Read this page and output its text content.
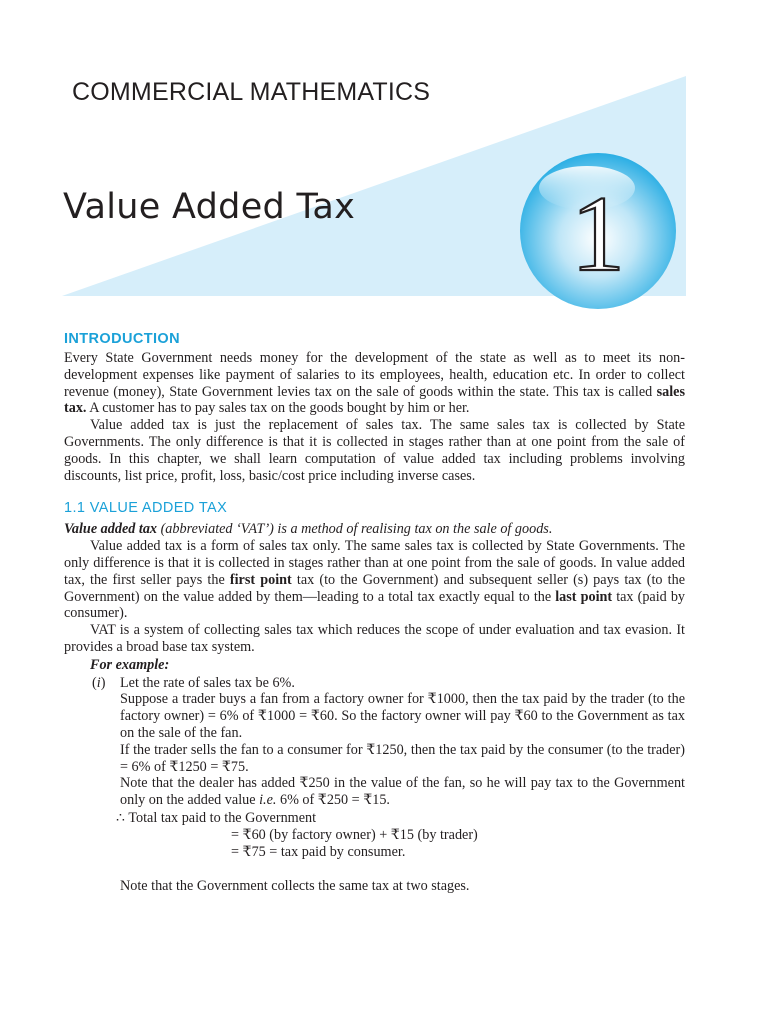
COMMERCIAL MATHEMATICS
Value Added Tax 1
INTRODUCTION

Every State Government needs money for the development of the state as well as to meet its non-development expenses like payment of salaries to its employees, health, education etc. In order to collect revenue (money), State Government levies tax on the sale of goods within the state. This tax is called sales tax. A customer has to pay sales tax on the goods bought by him or her.

Value added tax is just the replacement of sales tax. The same sales tax is collected by State Governments. The only difference is that it is collected in stages rather than at one point from the sale of goods. In this chapter, we shall learn computation of value added tax including problems involving discounts, list price, profit, loss, basic/cost price including inverse cases.

1.1 VALUE ADDED TAX

Value added tax (abbreviated ‘VAT’) is a method of realising tax on the sale of goods.

Value added tax is a form of sales tax only. The same sales tax is collected by State Governments. The only difference is that it is collected in stages rather than at one point from the sale of goods. In value added tax, the first seller pays the first point tax (to the Government) and subsequent seller (s) pays tax (to the Government) on the value added by them—leading to a total tax exactly equal to the last point tax (paid by consumer).

VAT is a system of collecting sales tax which reduces the scope of under evaluation and tax evasion. It provides a broad base tax system.

For example:
(i) Let the rate of sales tax be 6%.

Suppose a trader buys a fan from a factory owner for ₹1000, then the tax paid by the trader (to the factory owner) = 6% of ₹1000 = ₹60. So the factory owner will pay ₹60 to the Government as tax on the sale of the fan.

If the trader sells the fan to a consumer for ₹1250, then the tax paid by the consumer (to the trader) = 6% of ₹1250 = ₹75.

Note that the dealer has added ₹250 in the value of the fan, so he will pay tax to the Government only on the added value i.e. 6% of ₹250 = ₹15.

∴ Total tax paid to the Government
= ₹60 (by factory owner) + ₹15 (by trader)
= ₹75 = tax paid by consumer.
Note that the Government collects the same tax at two stages.
